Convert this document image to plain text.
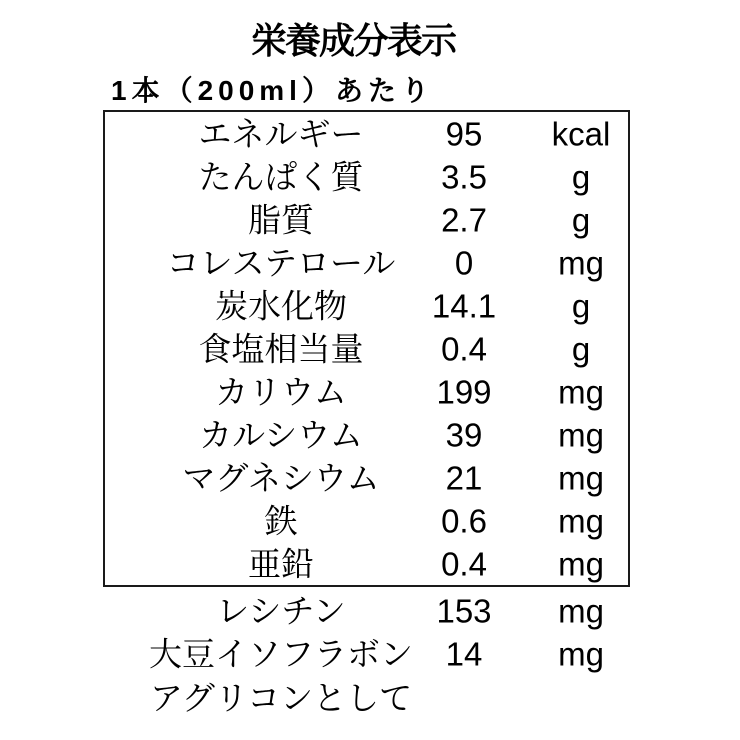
栄養成分表示
1本（200ml）あたり
エネルギー 95 kcal
たんぱく質 3.5	g
脂質	2.7	g
コレステロール 0	mg
炭水化物	14.1 g
食塩相当量 0.4	g
カリウム	199 mg
カルシウム	39 mg
マグネシウム 21 mg
鉄	0.6 mg
亜鉛	0.4 mg
レシチン	153 mg
大豆イソフラボン 14 mg
アグリコンとして
